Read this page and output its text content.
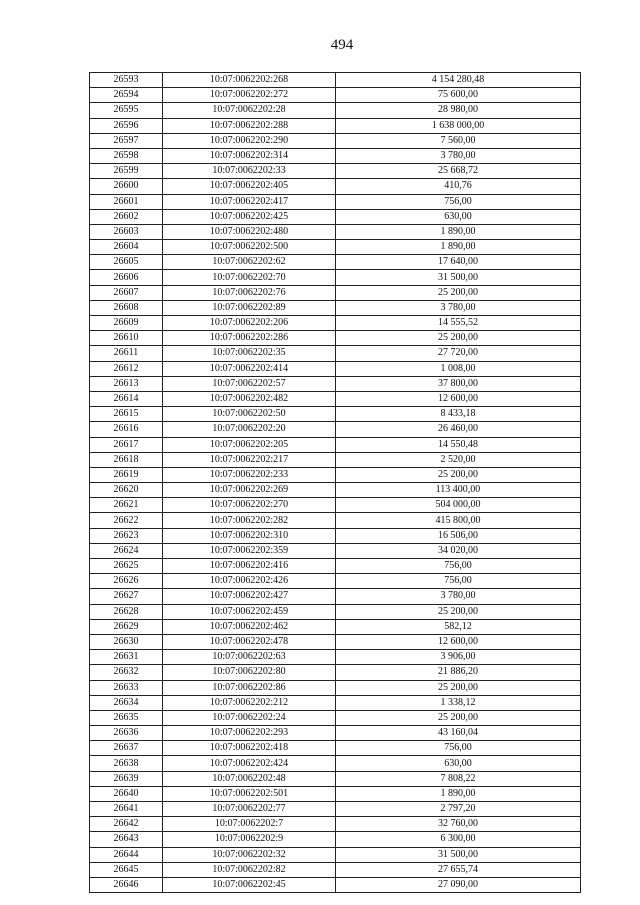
494
26593	10:07:0062202:268	4 154 280,48
26594	10:07:0062202:272	75 600,00
26595	10:07:0062202:28	28 980,00
26596	10:07:0062202:288	1 638 000,00
26597	10:07:0062202:290	7 560,00
26598	10:07:0062202:314	3 780,00
26599	10:07:0062202:33	25 668,72
26600	10:07:0062202:405	410,76
26601	10:07:0062202:417	756,00
26602	10:07:0062202:425	630,00
26603	10:07:0062202:480	1 890,00
26604	10:07:0062202:500	1 890,00
26605	10:07:0062202:62	17 640,00
26606	10:07:0062202:70	31 500,00
26607	10:07:0062202:76	25 200,00
26608	10:07:0062202:89	3 780,00
26609	10:07:0062202:206	14 555,52
26610	10:07:0062202:286	25 200,00
26611	10:07:0062202:35	27 720,00
26612	10:07:0062202:414	1 008,00
26613	10:07:0062202:57	37 800,00
26614	10:07:0062202:482	12 600,00
26615	10:07:0062202:50	8 433,18
26616	10:07:0062202:20	26 460,00
26617	10:07:0062202:205	14 550,48
26618	10:07:0062202:217	2 520,00
26619	10:07:0062202:233	25 200,00
26620	10:07:0062202:269	113 400,00
26621	10:07:0062202:270	504 000,00
26622	10:07:0062202:282	415 800,00
26623	10:07:0062202:310	16 506,00
26624	10:07:0062202:359	34 020,00
26625	10:07:0062202:416	756,00
26626	10:07:0062202:426	756,00
26627	10:07:0062202:427	3 780,00
26628	10:07:0062202:459	25 200,00
26629	10:07:0062202:462	582,12
26630	10:07:0062202:478	12 600,00
26631	10:07:0062202:63	3 906,00
26632	10:07:0062202:80	21 886,20
26633	10:07:0062202:86	25 200,00
26634	10:07:0062202:212	1 338,12
26635	10:07:0062202:24	25 200,00
26636	10:07:0062202:293	43 160,04
26637	10:07:0062202:418	756,00
26638	10:07:0062202:424	630,00
26639	10:07:0062202:48	7 808,22
26640	10:07:0062202:501	1 890,00
26641	10:07:0062202:77	2 797,20
26642	10:07:0062202:7	32 760,00
26643	10:07:0062202:9	6 300,00
26644	10:07:0062202:32	31 500,00
26645	10:07:0062202:82	27 655,74
26646	10:07:0062202:45	27 090,00
